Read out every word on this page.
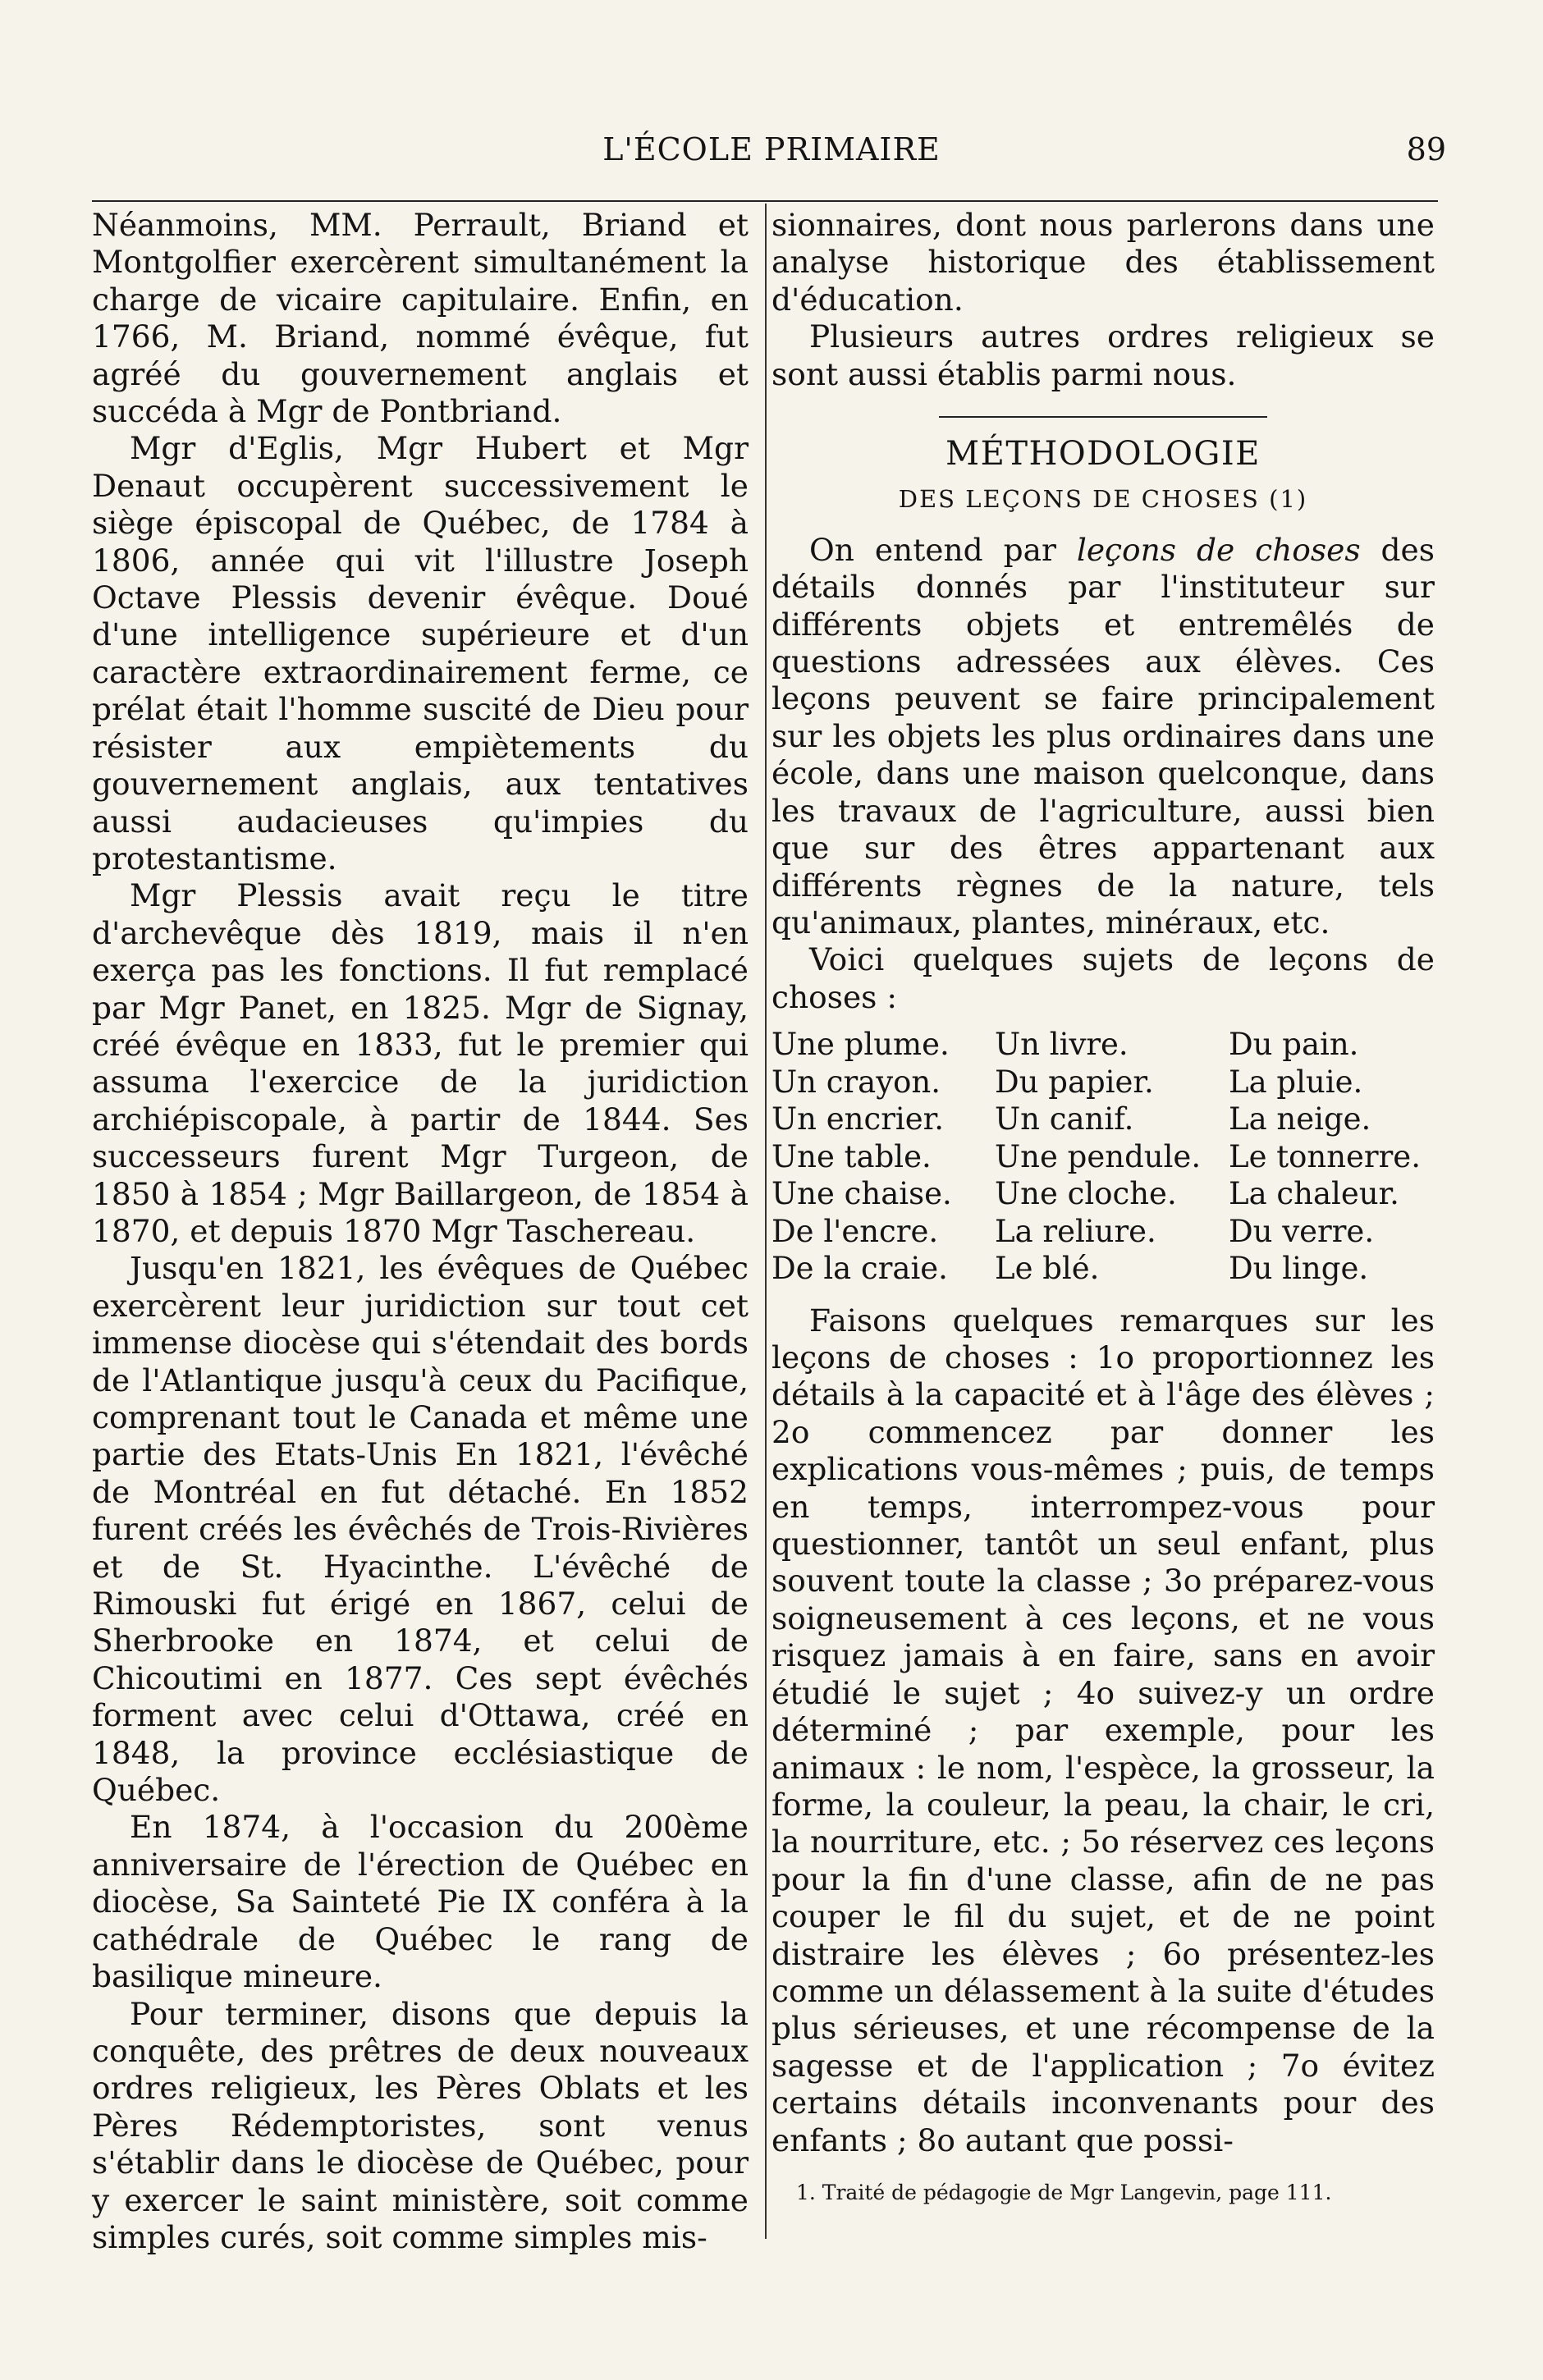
L'ÉCOLE PRIMAIRE	89

Néanmoins, MM. Perrault, Briand et Montgolfier exercèrent simultanément la charge de vicaire capitulaire. Enfin, en 1766, M. Briand, nommé évêque, fut agréé du gouvernement anglais et succéda à Mgr de Pontbriand.

Mgr d'Eglis, Mgr Hubert et Mgr Denaut occupèrent successivement le siège épiscopal de Québec, de 1784 à 1806, année qui vit l'illustre Joseph Octave Plessis devenir évêque. Doué d'une intelligence supérieure et d'un caractère extraordinairement ferme, ce prélat était l'homme suscité de Dieu pour résister aux empiètements du gouvernement anglais, aux tentatives aussi audacieuses qu'impies du protestantisme.

Mgr Plessis avait reçu le titre d'archevêque dès 1819, mais il n'en exerça pas les fonctions. Il fut remplacé par Mgr Panet, en 1825. Mgr de Signay, créé évêque en 1833, fut le premier qui assuma l'exercice de la juridiction archiépiscopale, à partir de 1844. Ses successeurs furent Mgr Turgeon, de 1850 à 1854 ; Mgr Baillargeon, de 1854 à 1870, et depuis 1870 Mgr Taschereau.

Jusqu'en 1821, les évêques de Québec exercèrent leur juridiction sur tout cet immense diocèse qui s'étendait des bords de l'Atlantique jusqu'à ceux du Pacifique, comprenant tout le Canada et même une partie des Etats-Unis En 1821, l'évêché de Montréal en fut détaché. En 1852 furent créés les évêchés de Trois-Rivières et de St. Hyacinthe. L'évêché de Rimouski fut érigé en 1867, celui de Sherbrooke en 1874, et celui de Chicoutimi en 1877. Ces sept évêchés forment avec celui d'Ottawa, créé en 1848, la province ecclésiastique de Québec.

En 1874, à l'occasion du 200ème anniversaire de l'érection de Québec en diocèse, Sa Sainteté Pie IX conféra à la cathédrale de Québec le rang de basilique mineure.

Pour terminer, disons que depuis la conquête, des prêtres de deux nouveaux ordres religieux, les Pères Oblats et les Pères Rédemptoristes, sont venus s'établir dans le diocèse de Québec, pour y exercer le saint ministère, soit comme simples curés, soit comme simples mis-

sionnaires, dont nous parlerons dans une analyse historique des établissement d'éducation.

Plusieurs autres ordres religieux se sont aussi établis parmi nous.

MÉTHODOLOGIE
DES LEÇONS DE CHOSES (1)

On entend par leçons de choses des détails donnés par l'instituteur sur différents objets et entremêlés de questions adressées aux élèves. Ces leçons peuvent se faire principalement sur les objets les plus ordinaires dans une école, dans une maison quelconque, dans les travaux de l'agriculture, aussi bien que sur des êtres appartenant aux différents règnes de la nature, tels qu'animaux, plantes, minéraux, etc.

Voici quelques sujets de leçons de choses :

Une plume.	Un livre.	Du pain.
Un crayon.	Du papier.	La pluie.
Un encrier.	Un canif.	La neige.
Une table.	Une pendule.	Le tonnerre.
Une chaise.	Une cloche.	La chaleur.
De l'encre.	La reliure.	Du verre.
De la craie.	Le blé.	Du linge.

Faisons quelques remarques sur les leçons de choses : 1o proportionnez les détails à la capacité et à l'âge des élèves ; 2o commencez par donner les explications vous-mêmes ; puis, de temps en temps, interrompez-vous pour questionner, tantôt un seul enfant, plus souvent toute la classe ; 3o préparez-vous soigneusement à ces leçons, et ne vous risquez jamais à en faire, sans en avoir étudié le sujet ; 4o suivez-y un ordre déterminé ; par exemple, pour les animaux : le nom, l'espèce, la grosseur, la forme, la couleur, la peau, la chair, le cri, la nourriture, etc. ; 5o réservez ces leçons pour la fin d'une classe, afin de ne pas couper le fil du sujet, et de ne point distraire les élèves ; 6o présentez-les comme un délassement à la suite d'études plus sérieuses, et une récompense de la sagesse et de l'application ; 7o évitez certains détails inconvenants pour des enfants ; 8o autant que possi-

1. Traité de pédagogie de Mgr Langevin, page 111.
